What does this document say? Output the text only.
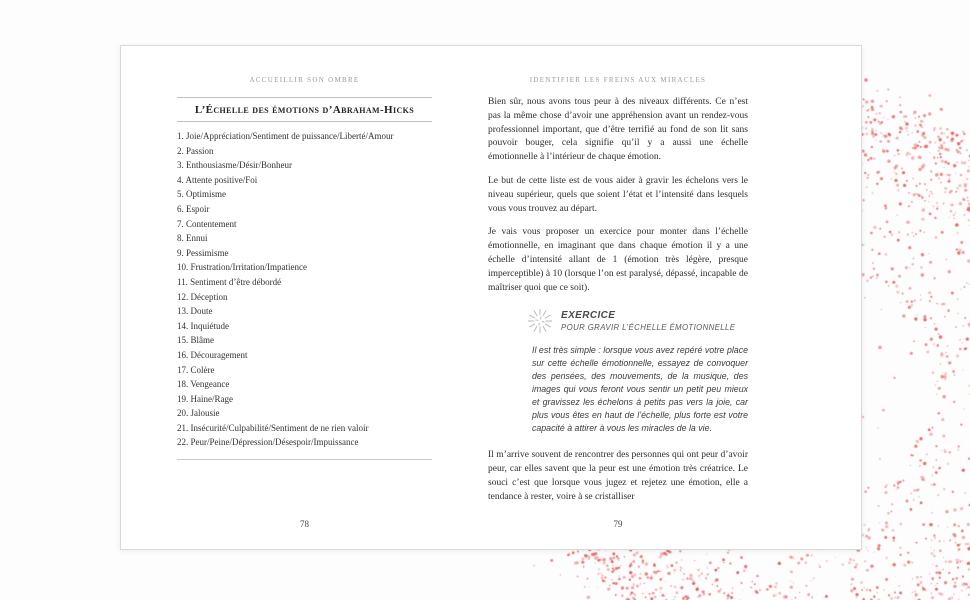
ACCUEILLIR SON OMBRE
L’Échelle des émotions d’Abraham-Hicks
1. Joie/Appréciation/Sentiment de puissance/Liberté/Amour
2. Passion
3. Enthousiasme/Désir/Bonheur
4. Attente positive/Foi
5. Optimisme
6. Espoir
7. Contentement
8. Ennui
9. Pessimisme
10. Frustration/Irritation/Impatience
11. Sentiment d’être débordé
12. Déception
13. Doute
14. Inquiétude
15. Blâme
16. Découragement
17. Colère
18. Vengeance
19. Haine/Rage
20. Jalousie
21. Insécurité/Culpabilité/Sentiment de ne rien valoir
22. Peur/Peine/Dépression/Désespoir/Impuissance
78
IDENTIFIER LES FREINS AUX MIRACLES

Bien sûr, nous avons tous peur à des niveaux différents. Ce n’est pas la même chose d’avoir une appréhension avant un rendez-vous professionnel important, que d’être terrifié au fond de son lit sans pouvoir bouger, cela signifie qu’il y a aussi une échelle émotionnelle à l’intérieur de chaque émotion.

Le but de cette liste est de vous aider à gravir les échelons vers le niveau supérieur, quels que soient l’état et l’intensité dans lesquels vous vous trouvez au départ.

Je vais vous proposer un exercice pour monter dans l’échelle émotionnelle, en imaginant que dans chaque émotion il y a une échelle d’intensité allant de 1 (émotion très légère, presque imperceptible) à 10 (lorsque l’on est paralysé, dépassé, incapable de maîtriser quoi que ce soit).

EXERCICE
POUR GRAVIR L’ÉCHELLE ÉMOTIONNELLE

Il est très simple : lorsque vous avez repéré votre place sur cette échelle émotionnelle, essayez de convoquer des pensées, des mouvements, de la musique, des images qui vous feront vous sentir un petit peu mieux et gravissez les échelons à petits pas vers la joie, car plus vous êtes en haut de l’échelle, plus forte est votre capacité à attirer à vous les miracles de la vie.

Il m’arrive souvent de rencontrer des personnes qui ont peur d’avoir peur, car elles savent que la peur est une émotion très créatrice. Le souci c’est que lorsque vous jugez et rejetez une émotion, elle a tendance à rester, voire à se cristalliser

79
